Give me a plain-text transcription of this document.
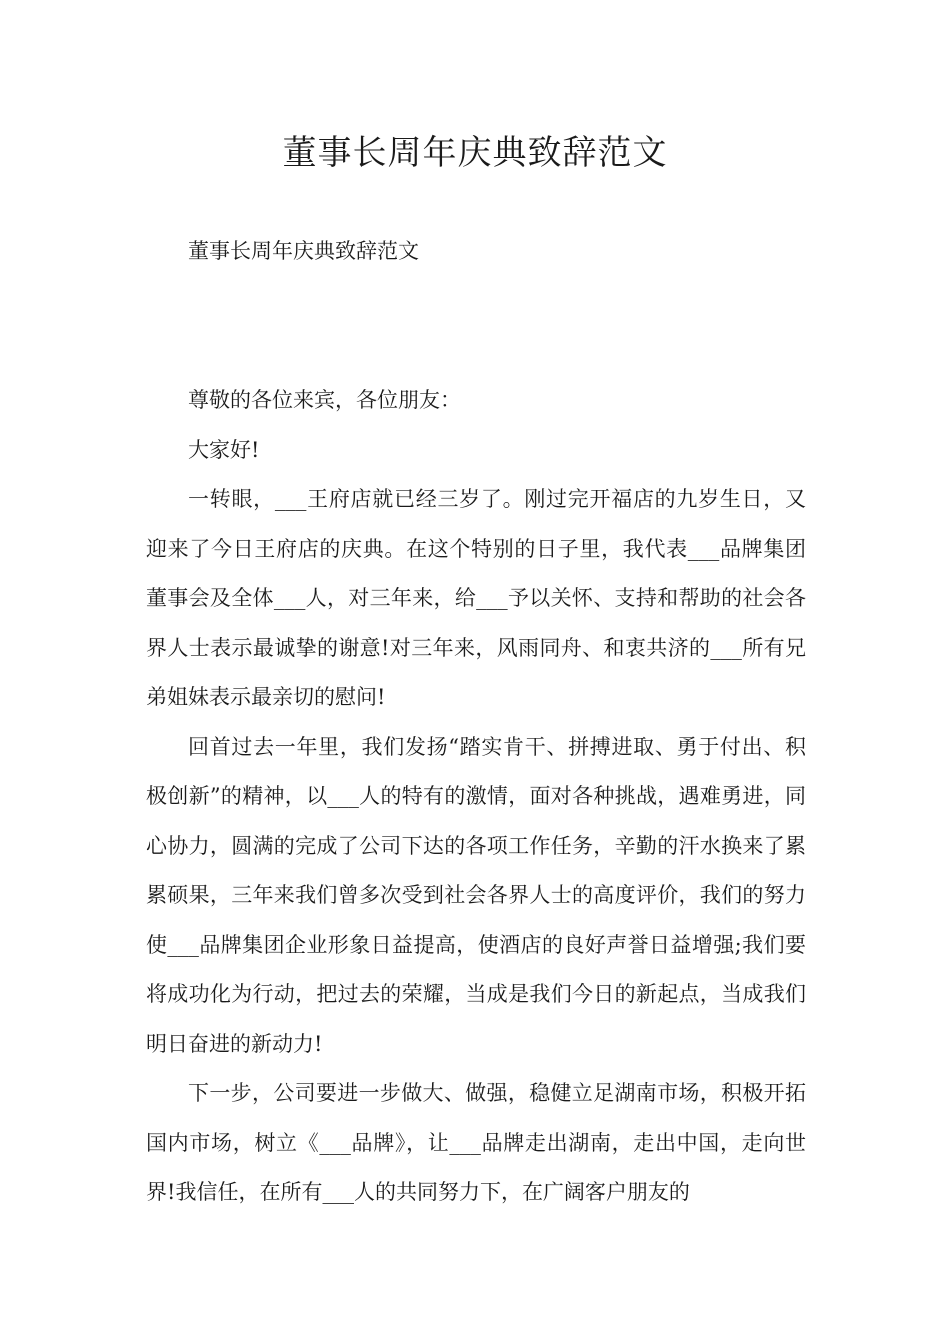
董事长周年庆典致辞范文

董事长周年庆典致辞范文

尊敬的各位来宾，各位朋友：

大家好!

一转眼，___王府店就已经三岁了。刚过完开福店的九岁生日，又迎来了今日王府店的庆典。在这个特别的日子里，我代表___品牌集团董事会及全体___人，对三年来，给___予以关怀、支持和帮助的社会各界人士表示最诚挚的谢意!对三年来，风雨同舟、和衷共济的___所有兄弟姐妹表示最亲切的慰问!

回首过去一年里，我们发扬“踏实肯干、拼搏进取、勇于付出、积极创新”的精神，以___人的特有的激情，面对各种挑战，遇难勇进，同心协力，圆满的完成了公司下达的各项工作任务，辛勤的汗水换来了累累硕果，三年来我们曾多次受到社会各界人士的高度评价，我们的努力使___品牌集团企业形象日益提高，使酒店的良好声誉日益增强;我们要将成功化为行动，把过去的荣耀，当成是我们今日的新起点，当成我们明日奋进的新动力!

下一步，公司要进一步做大、做强，稳健立足湖南市场，积极开拓国内市场，树立《___品牌》，让___品牌走出湖南，走出中国，走向世界!我信任，在所有___人的共同努力下，在广阔客户朋友的
